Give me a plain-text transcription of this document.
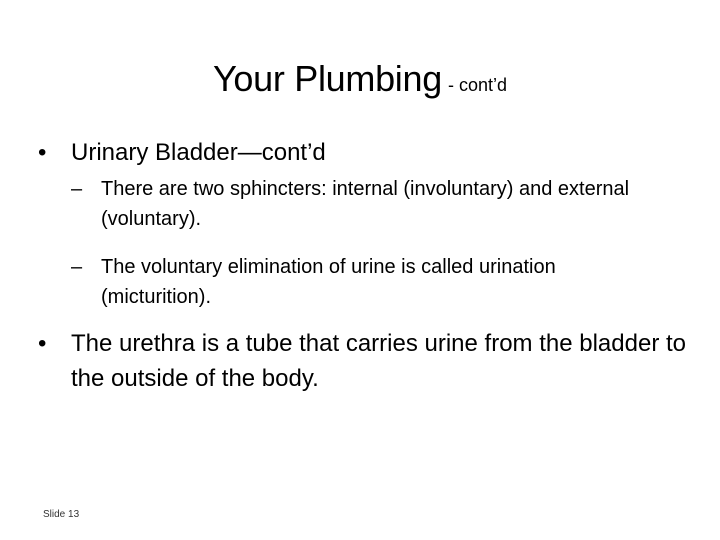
Your Plumbing - cont’d
• Urinary Bladder—cont’d
– There are two sphincters: internal (involuntary) and external (voluntary).
– The voluntary elimination of urine is called urination (micturition).
• The urethra is a tube that carries urine from the bladder to the outside of the body.
Slide 13
